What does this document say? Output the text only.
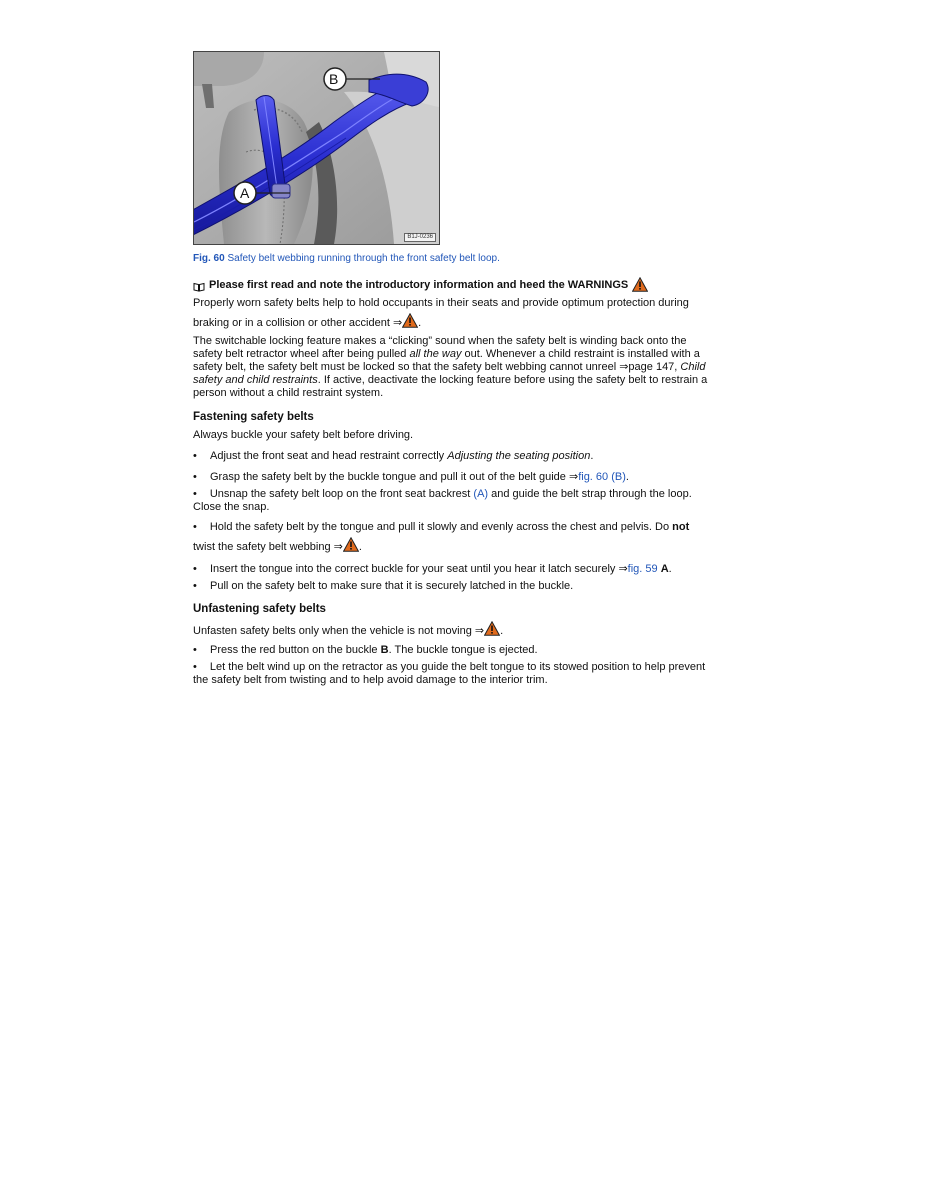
B
A
B1J-0236

Fig. 60 Safety belt webbing running through the front safety belt loop.

Please first read and note the introductory information and heed the WARNINGS

Properly worn safety belts help to hold occupants in their seats and provide optimum protection during braking or in a collision or other accident ⇒ .

The switchable locking feature makes a “clicking” sound when the safety belt is winding back onto the safety belt retractor wheel after being pulled all the way out. Whenever a child restraint is installed with a safety belt, the safety belt must be locked so that the safety belt webbing cannot unreel ⇒page 147, Child safety and child restraints. If active, deactivate the locking feature before using the safety belt to restrain a person without a child restraint system.

Fastening safety belts

Always buckle your safety belt before driving.

• Adjust the front seat and head restraint correctly Adjusting the seating position.
• Grasp the safety belt by the buckle tongue and pull it out of the belt guide ⇒fig. 60 (B).
• Unsnap the safety belt loop on the front seat backrest (A) and guide the belt strap through the loop. Close the snap.
• Hold the safety belt by the tongue and pull it slowly and evenly across the chest and pelvis. Do not twist the safety belt webbing ⇒ .
• Insert the tongue into the correct buckle for your seat until you hear it latch securely ⇒fig. 59 A.
• Pull on the safety belt to make sure that it is securely latched in the buckle.
Unfastening safety belts

Unfasten safety belts only when the vehicle is not moving ⇒ .

• Press the red button on the buckle B. The buckle tongue is ejected.
• Let the belt wind up on the retractor as you guide the belt tongue to its stowed position to help prevent the safety belt from twisting and to help avoid damage to the interior trim.
